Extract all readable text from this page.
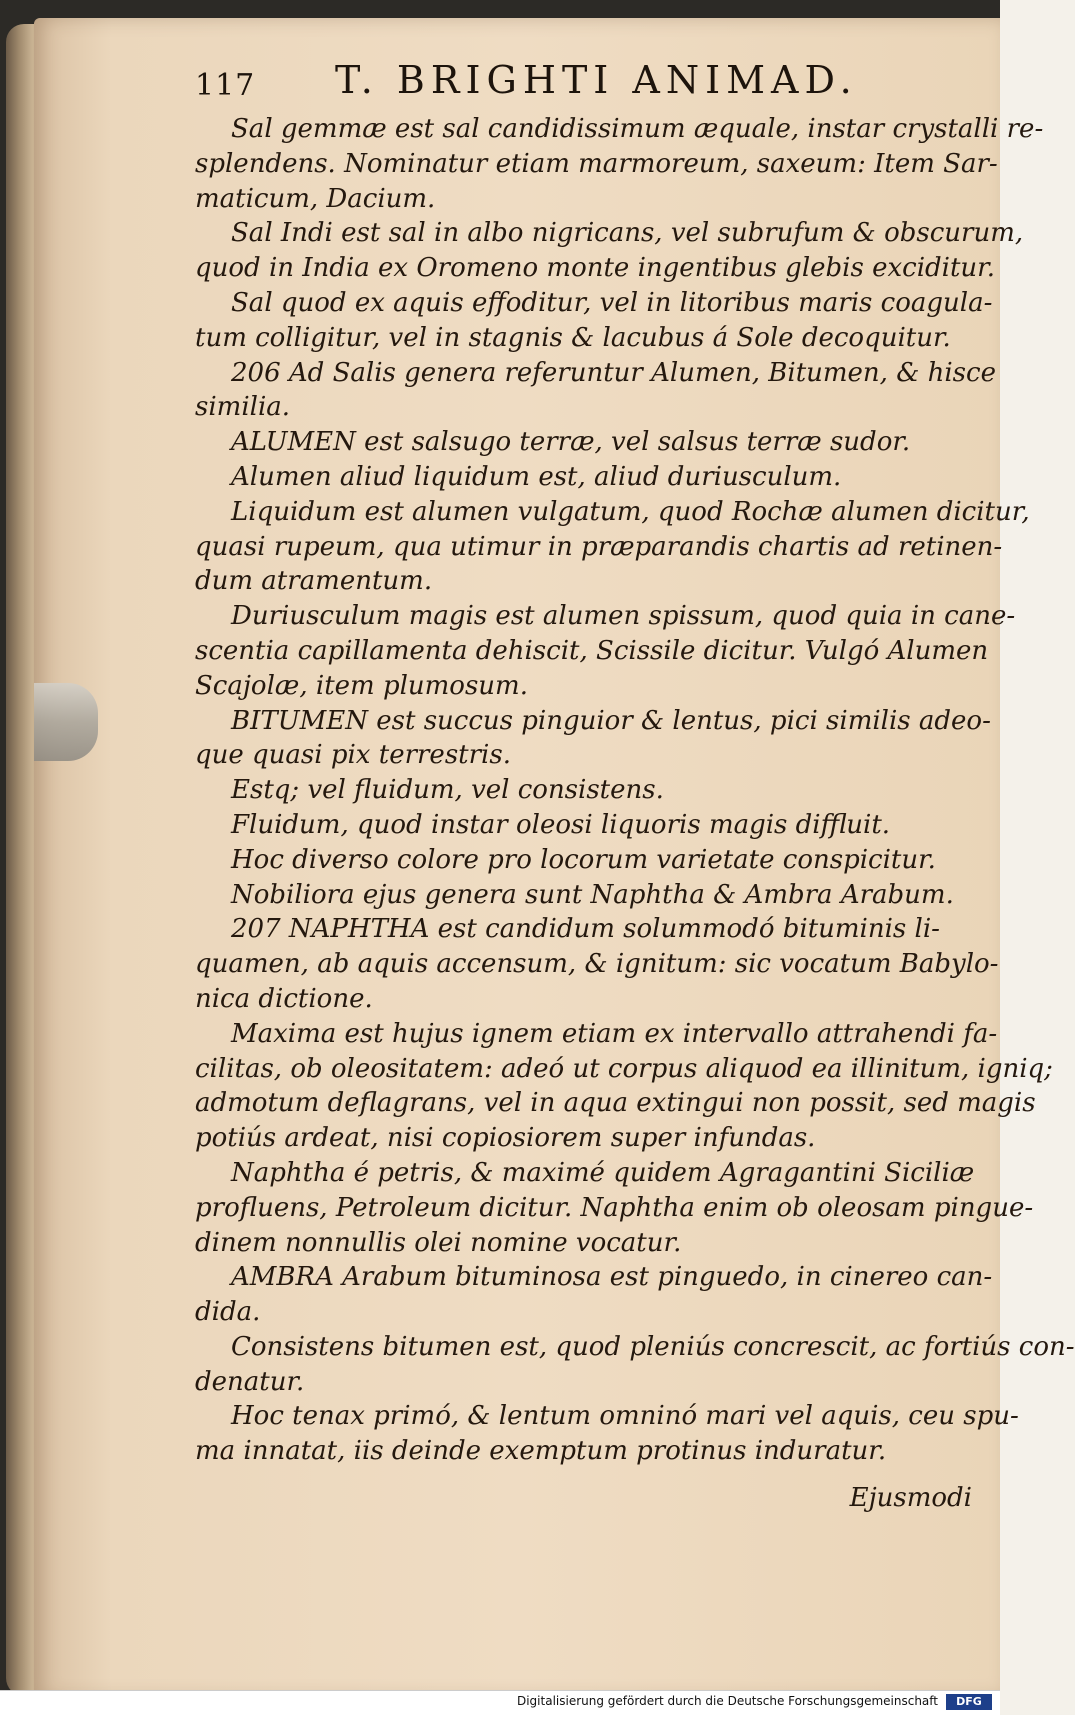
117 T. BRIGHTI ANIMAD.
Sal gemmæ est sal candidissimum æquale, instar crystalli re-
splendens. Nominatur etiam marmoreum, saxeum: Item Sar-
maticum, Dacium.
Sal Indi est sal in albo nigricans, vel subrufum & obscurum,
quod in India ex Oromeno monte ingentibus glebis exciditur.
Sal quod ex aquis effoditur, vel in litoribus maris coagula-
tum colligitur, vel in stagnis & lacubus á Sole decoquitur.
206 Ad Salis genera referuntur Alumen, Bitumen, & hisce
similia.
ALUMEN est salsugo terræ, vel salsus terræ sudor.
Alumen aliud liquidum est, aliud duriusculum.
Liquidum est alumen vulgatum, quod Rochæ alumen dicitur,
quasi rupeum, qua utimur in præparandis chartis ad retinen-
dum atramentum.
Duriusculum magis est alumen spissum, quod quia in cane-
scentia capillamenta dehiscit, Scissile dicitur. Vulgó Alumen
Scajolæ, item plumosum.
BITUMEN est succus pinguior & lentus, pici similis adeo-
que quasi pix terrestris.
Estq; vel fluidum, vel consistens.
Fluidum, quod instar oleosi liquoris magis diffluit.
Hoc diverso colore pro locorum varietate conspicitur.
Nobiliora ejus genera sunt Naphtha & Ambra Arabum.
207 NAPHTHA est candidum solummodó bituminis li-
quamen, ab aquis accensum, & ignitum: sic vocatum Babylo-
nica dictione.
Maxima est hujus ignem etiam ex intervallo attrahendi fa-
cilitas, ob oleositatem: adeó ut corpus aliquod ea illinitum, igniq;
admotum deflagrans, vel in aqua extingui non possit, sed magis
potiús ardeat, nisi copiosiorem super infundas.
Naphtha é petris, & maximé quidem Agragantini Siciliæ
profluens, Petroleum dicitur. Naphtha enim ob oleosam pingue-
dinem nonnullis olei nomine vocatur.
AMBRA Arabum bituminosa est pinguedo, in cinereo can-
dida.
Consistens bitumen est, quod pleniús concrescit, ac fortiús con-
denatur.
Hoc tenax primó, & lentum omninó mari vel aquis, ceu spu-
ma innatat, iis deinde exemptum protinus induratur.
Ejusmodi
Digitalisierung gefördert durch die Deutsche Forschungsgemeinschaft	DFG
